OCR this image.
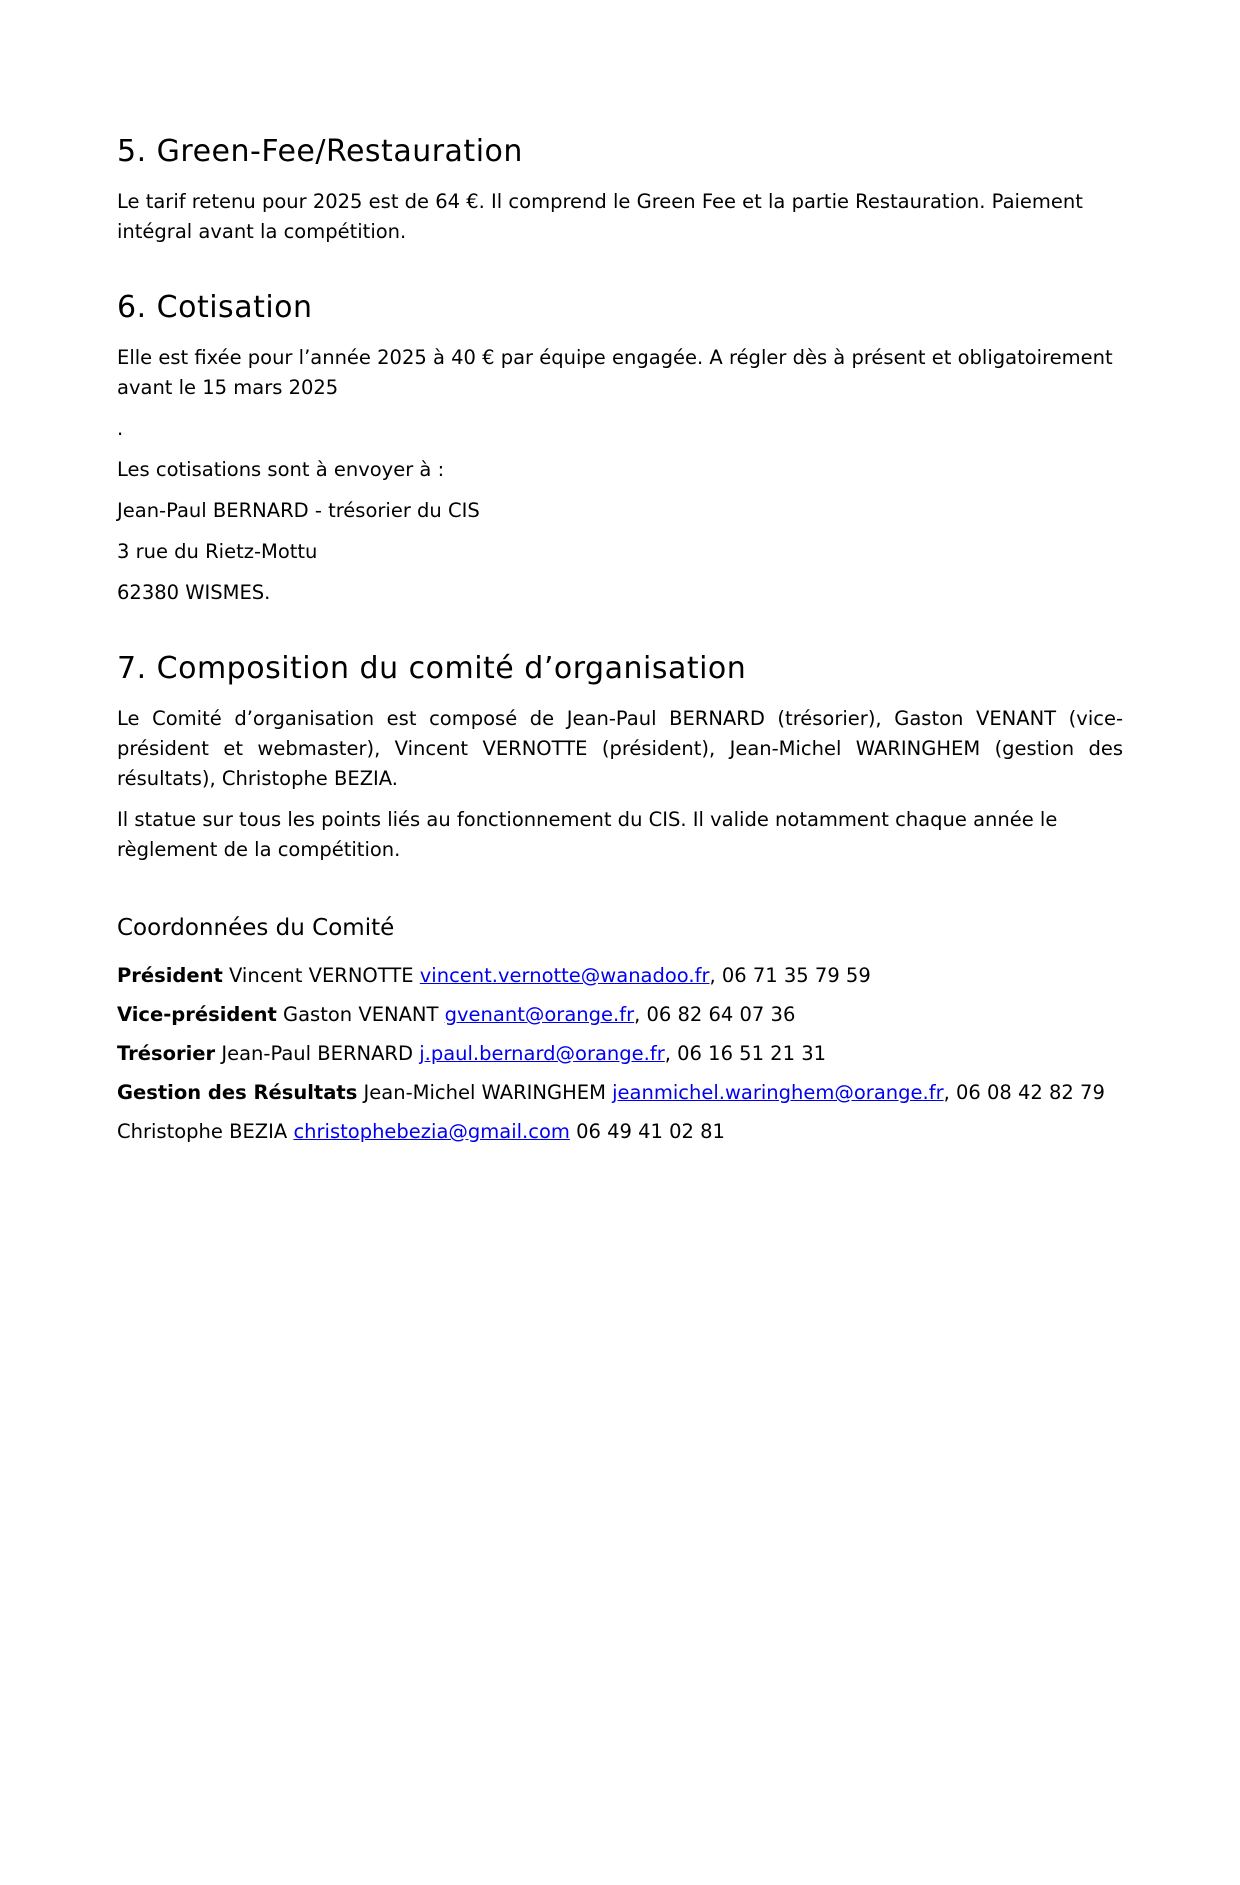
5. Green-Fee/Restauration

Le tarif retenu pour 2025 est de 64 €. Il comprend le Green Fee et la partie Restauration. Paiement intégral avant la compétition.

6. Cotisation

Elle est fixée pour l’année 2025 à 40 € par équipe engagée. A régler dès à présent et obligatoirement avant le 15 mars 2025

.

Les cotisations sont à envoyer à :

Jean-Paul BERNARD - trésorier du CIS

3 rue du Rietz-Mottu

62380 WISMES.

7. Composition du comité d’organisation

Le Comité d’organisation est composé de Jean-Paul BERNARD (trésorier), Gaston VENANT (vice-président et webmaster), Vincent VERNOTTE (président), Jean-Michel WARINGHEM (gestion des résultats), Christophe BEZIA.

Il statue sur tous les points liés au fonctionnement du CIS. Il valide notamment chaque année le règlement de la compétition.

Coordonnées du Comité

Président Vincent VERNOTTE vincent.vernotte@wanadoo.fr, 06 71 35 79 59

Vice-président Gaston VENANT gvenant@orange.fr, 06 82 64 07 36

Trésorier Jean-Paul BERNARD j.paul.bernard@orange.fr, 06 16 51 21 31

Gestion des Résultats Jean-Michel WARINGHEM jeanmichel.waringhem@orange.fr, 06 08 42 82 79

Christophe BEZIA christophebezia@gmail.com 06 49 41 02 81
